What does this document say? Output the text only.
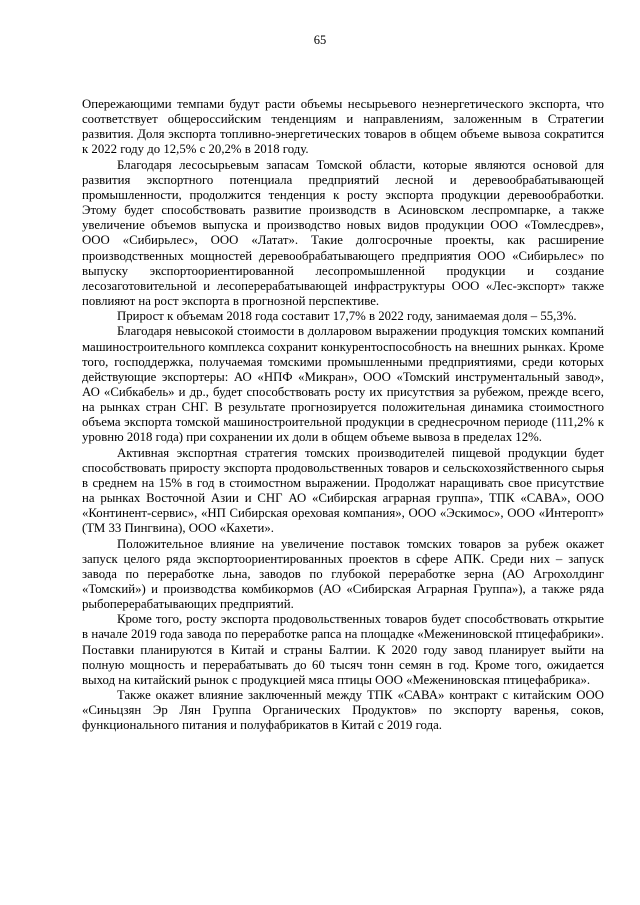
65

Опережающими темпами будут расти объемы несырьевого неэнергетического экспорта, что соответствует общероссийским тенденциям и направлениям, заложенным в Стратегии развития. Доля экспорта топливно-энергетических товаров в общем объеме вывоза сократится к 2022 году до 12,5% с 20,2% в 2018 году.

Благодаря лесосырьевым запасам Томской области, которые являются основой для развития экспортного потенциала предприятий лесной и деревообрабатывающей промышленности, продолжится тенденция к росту экспорта продукции деревообработки. Этому будет способствовать развитие производств в Асиновском леспромпарке, а также увеличение объемов выпуска и производство новых видов продукции ООО «Томлесдрев», ООО «Сибирьлес», ООО «Латат». Такие долгосрочные проекты, как расширение производственных мощностей деревообрабатывающего предприятия ООО «Сибирьлес» по выпуску экспортоориентированной лесопромышленной продукции и создание лесозаготовительной и лесоперерабатывающей инфраструктуры ООО «Лес-экспорт» также повлияют на рост экспорта в прогнозной перспективе.

Прирост к объемам 2018 года составит 17,7% в 2022 году, занимаемая доля – 55,3%.

Благодаря невысокой стоимости в долларовом выражении продукция томских компаний машиностроительного комплекса сохранит конкурентоспособность на внешних рынках. Кроме того, господдержка, получаемая томскими промышленными предприятиями, среди которых действующие экспортеры: АО «НПФ «Микран», ООО «Томский инструментальный завод», АО «Сибкабель» и др., будет способствовать росту их присутствия за рубежом, прежде всего, на рынках стран СНГ. В результате прогнозируется положительная динамика стоимостного объема экспорта томской машиностроительной продукции в среднесрочном периоде (111,2% к уровню 2018 года) при сохранении их доли в общем объеме вывоза в пределах 12%.

Активная экспортная стратегия томских производителей пищевой продукции будет способствовать приросту экспорта продовольственных товаров и сельскохозяйственного сырья в среднем на 15% в год в стоимостном выражении. Продолжат наращивать свое присутствие на рынках Восточной Азии и СНГ АО «Сибирская аграрная группа», ТПК «САВА», ООО «Континент-сервис», «НП Сибирская ореховая компания», ООО «Эскимос», ООО «Интеропт» (ТМ 33 Пингвина), ООО «Кахети».

Положительное влияние на увеличение поставок томских товаров за рубеж окажет запуск целого ряда экспортоориентированных проектов в сфере АПК. Среди них – запуск завода по переработке льна, заводов по глубокой переработке зерна (АО Агрохолдинг «Томский») и производства комбикормов (АО «Сибирская Аграрная Группа»), а также ряда рыбоперерабатывающих предприятий.

Кроме того, росту экспорта продовольственных товаров будет способствовать открытие в начале 2019 года завода по переработке рапса на площадке «Межениновской птицефабрики». Поставки планируются в Китай и страны Балтии. К 2020 году завод планирует выйти на полную мощность и перерабатывать до 60 тысяч тонн семян в год. Кроме того, ожидается выход на китайский рынок с продукцией мяса птицы ООО «Межениновская птицефабрика».

Также окажет влияние заключенный между ТПК «САВА» контракт с китайским ООО «Синьцзян Эр Лян Группа Органических Продуктов» по экспорту варенья, соков, функционального питания и полуфабрикатов в Китай с 2019 года.
